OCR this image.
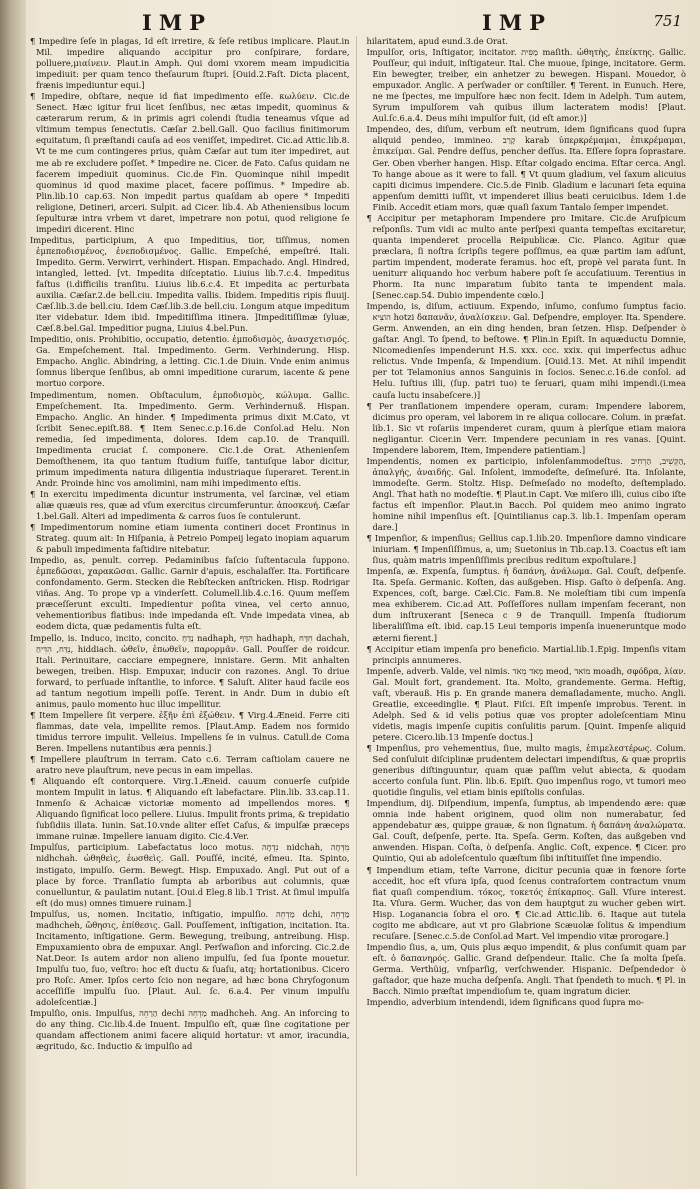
IMP	IMP	751

¶ Impedire ſeſe in plagas, Id eſt irretire, & ſeſe retibus implicare. Plaut.in Mil. impedire aliquando accipitur pro conſpirare, fordare, polluere,μιαίνειν. Plaut.in Amph. Qui domi vxorem meam impudicitia impediuit: per quam tenco theſaurum ſtupri. [Ouid.2.Faſt. Dicta placent, frænis impediuntur equi.]

¶ Impedire, obſtare, neque id fiat impedimento eſſe. κωλύειν. Cic.de Senect. Hæc igitur frui licet ſenſibus, nec ætas impedit, quominus & cæterarum rerum, & in primis agri colendi ſtudia teneamus vſque ad vltimum tempus ſenectutis. Cæſar 2.bell.Gall. Quo facilius finitimorum equitatum, ſi præſtandi cauſa ad eos veniſſet, impediret. Cic.ad Attic.lib.8. Vt te me cum contingeres prius, quàm Cæſar aut tum iter impediret, aut me ab re excludere poſſet. * Impedire ne. Cicer. de Fato. Caſus quidam ne facerem impediuit quominus. Cic.de Fin. Quominque nihil impedit quominus id quod maxime placet, facere poſſimus. * Impedire ab. Plin.lib.10 cap.63. Non impedit partus quaſdam ab opere * Impediti religione, Detineri, arceri. Sulpit. ad Cicer. lib.4. Ab Atheniensibus locum ſepulturæ intra vrbem vt daret, impetrare non potui, quod religione ſe impediri dicerent. Hinc

Impeditus, participium, A quo Impeditius, tior, tiſſimus, nomen ἐμπεποδισμένος, ἐνεποδισμένος. Gallic. Empeſché, empeſtré. Itali. Impedito. Germ. Verwirrt, verhindert. Hispan. Empachado. Angl. Hindred, intangled, letted. [vt. Impedita diſceptatio. Liuius lib.7.c.4. Impeditus faſtus (i.difficilis tranſitu. Liuius lib.6.c.4. Et impedita ac perturbata auxilia. Cæſar.2.de bell.ciu. Impedita vallis. Ibidem. Impeditis ripis fluuij. Cæſ.lib.3.de bell.ciu. Idem Cæſ.lib.3.de bell.ciu. Longum atque impeditum iter videbatur. Idem ibid. Impeditiſſima itinera. ]Impeditiſſimæ ſyluæ, Cæſ.8.bel.Gal. Impeditior pugna, Liuius 4.bel.Pun.

Impeditio, onis. Prohibitio, occupatio, detentio. ἐμποδισμὸς, ἀνασχετισμός. Ga. Empeſchement. Ital. Impedimento. Germ. Verhinderung. Hisp. Empacho. Anglic. Abindring, a letting. Cic.1.de Diuin. Vnde enim animus ſomnus liberque ſenſibus, ab omni impeditione curarum, iacente & pene mortuo corpore.

Impedimentum, nomen. Obſtaculum, ἐμποδισμὸς, κώλυμα. Gallic. Empeſchement. Ita. Impedimento. Germ. Verhindernuß. Hispan. Empacho. Anglic. An hinder. ¶ Impedimenta primus dixit M.Cato, vt ſcribit Senec.epiſt.88. ¶ Item Senec.c.p.16.de Conſol.ad Helu. Non remedia, ſed impedimenta, dolores. Idem cap.10. de Tranquill. Impedimenta cruciat ſ. componere. Cic.1.de Orat. Athenienſem Demoſthenem, ita quo tantum ſtudium fuiſſe, tantuſque labor dicitur, primum impedimenta natura diligentia industriaque ſuperaret. Terent.in Andr. Proinde hinc vos amolimini, nam mihi impedimento eſtis.

¶ In exercitu impedimenta dicuntur instrumenta, vel ſarcinæ, vel etiam aliæ quæuis res, quæ ad vſum exercitus circumferuntur. ἀποσκευή. Cæſar 1.bel.Gall. Alteri ad impedimenta & carros ſuos ſe contulerunt.

¶ Impedimentorum nomine etiam iumenta contineri docet Frontinus in Strateg. quum ait: In Hiſpania, à Petreio Pompeij legato inopiam aquarum & pabuli impedimenta faſtidire nitebatur.

Impedio, as, penult. correp. Pedaminibus faſcio ſuſtentacula ſuppono. ἐμπεδῶσαι, χαρακῶσαι. Gallic. Garnir d'apuis, eschalaſſer. Ita. Fortificare confondamento. Germ. Stecken die Rebſtecken anſtricken. Hisp. Rodrigar viñas. Ang. To prope vp a vinderſett. Columell.lib.4.c.16. Quum meſſem præceſſerunt exculti. Impedientur poſita vinea, vel certo annuo, vehementioribus flatibus: inde impedanda eſt. Vnde impedata vinea, ab eodem dicta, quæ pedamentis fulta eſt.

Impello, is. Induco, incito, concito. נְדַחַ nadhaph, הִדַּף hadhaph, חִדַּח dachah, נִדַּח, הִדִּיחַ, hiddiach. ὠθεῖν, ἐπωθεῖν, παρορμᾶν. Gall. Pouſſer de roidcur. Itali. Perinuitare, cacciare empegnere, innistare. Germ. Mit anhalten bewegen, treiben. Hisp. Empuxar, inducir con razones. Angl. To driue forward, to perſuade inſtantlie, to inforce. ¶ Saluſt. Aliter haud facile eos ad tantum negotium impelli poſſe. Terent. in Andr. Dum in dubio eſt animus, paulo momento huc illuc impellitur.

¶ Item Impellere ſit verpere. ἐξῆν ἐπὶ ἐξώθειν. ¶ Virg.4.Æneid. Ferre citi flammas, date vela, impellite remos. [Plaut.Amp. Eadem nos formido timidus terrore impulit. Velleius. Impellens ſe in vulnus. Catull.de Coma Beren. Impellens nutantibus æra pennis.]

¶ Impellere plauſtrum in terram. Cato c.6. Terram caſtiolam cauere ne aratro neve plauſtrum, neve pecus in eam impellas.

¶ Aliquando eſt contorquere. Virg.1.Æneid. cauum conuerſe cuſpide montem Impulit in latus. ¶ Aliquando eſt labefactare. Plin.lib. 33.cap.11. Inmenſo & Achaicæ victoriæ momento ad impellendos mores. ¶ Aliquando ſignificat loco pellere. Liuius. Impulit fronts prima, & trepidatio ſubſidiis illata. Iunin. Sat.10.vnde aliter eſſet Caſus, & impulſæ præceps immane ruinæ. Impellere ianuam digito. Cic.4.Ver.

Impulſus, participium. Labefactatus loco motus. נִדְחָה nidchah, מִדְּחָה nidhchah. ὠθηθεὶς, ἐωσθεὶς. Gall. Pouſſé, incité, eſmeu. Ita. Spinto, instigato, impulſo. Germ. Bewegt. Hisp. Empuxado. Angl. Put out of a place by force. Tranſlatio ſumpta ab arboribus aut columnis, quæ conuelluntur, & paulatim nutant. [Oui.d Eleg.8 lib.1 Trist. At ſimul impulſa eſt (do mus) omnes timuere ruinam.]

Impulſus, us, nomen. Incitatio, inſtigatio, impulſio. מַדְחֵה dchi, מַדְחֵה madhcheh, ὤθησις, ἐπίθεσις. Gall. Pouſſement, inſtigation, incitation. Ita. Incitamento, inſtigatione. Germ. Bewegung, treibung, antreibung. Hisp. Empuxamiento obra de empuxar. Angl. Perſwaſion and inforcing. Cic.2.de Nat.Deor. Is autem ardor non alieno impulſu, ſed ſua ſponte mouetur. Impulſu tuo, ſuo, veſtro: hoc eſt ductu & ſuaſu, atq; hortationibus. Cicero pro Roſc. Amer. Ipſos certo ſcio non negare, ad hæc bona Chryſogonum acceſſiſſe impulſu ſuo. [Plaut. Aul. ſc. 6.a.4. Per vinum impulſu adoleſcentiæ.]

Impulſio, onis. Impulſus, הַרַחֵה dechi מַדְחֵה madhcheh. Ang. An inforcing to do any thing. Cic.lib.4.de Inuent. Impulſio eſt, quæ ſine cogitatione per quandam affectionem animi facere aliquid hortatur: vt amor, iracundia, ægritudo, &c. Inductio & impulſio ad

hilaritatem, apud eund.3.de Orat.

Impulſor, oris, Inſtigator, incitator. מַסִּית maſith. ὠθητὴς, ἐπείκτης. Gallic. Pouſſeur, qui induit, inſtigateur. Ital. Che muoue, ſpinge, incitatore. Germ. Ein bewegter, treiber, ein anhetzer zu bewegen. Hispani. Mouedor, ò empuxador. Anglic. A perſwader or conſtiller. ¶ Terent. in Eunuch. Here, ne me ſpectes, me impulſore hæc non fecit. Idem in Adelph. Tum autem, Syrum impulſorem vah quibus illum lacteratem modis! [Plaut. Aul.ſc.6.a.4. Deus mihi impulſor fuit, (id eſt amor.)]

Impendeo, des, diſum, verbum eſt neutrum, idem ſignificans quod ſupra aliquid pendeo, immineo. קָרַב karab ὑπερκρέμαμαι, ἐπικρέμαμαι, ἐπικείμαι. Gal. Pendre deſſus, pencher deſſus. Ita. Eſſere ſopra ſoprastare. Ger. Oben vberher hangen. Hisp. Eſtar colgado encima. Eſtar cerca. Angl. To hange aboue as it were to fall. ¶ Vt quum gladium, vel ſaxum alicuius capiti dicimus impendere. Cic.5.de Finib. Gladium e lacunari ſeta equina appenſum demitti iuſſit, vt impenderet illius beati ceruicibus. Idem 1.de Finib. Accedit etiam mors, quæ quaſi ſaxum Tantalo ſemper impendet.

¶ Accipitur per metaphoram Impendere pro Imitare. Cic.de Aruſpicum reſponſis. Tum vidi ac multo ante perſpexi quanta tempeſtas excitaretur, quanta impenderet procella Reipublicæ. Cic. Planco. Agitur quæ præclara, ſi noſtra ſcripſis tegere poſſimus, ea quæ partim iam adſunt, partim impendent, moderate feramus. hoc eſt, propè vel parata ſunt. In ueniturr aliquando hoc verbum habere poſt ſe accuſatiuum. Terentius in Phorm. Ita nunc imparatum ſubito tanta te impendent mala. [Senec.cap.54. Dubio impendente cœlo.]

Impendo, is, diſum, actiuum. Expendo, inſumo, conſumo ſumptus facio. הוֹצִיא hotzi δαπανᾶν, ἀναλίσκειν. Gal. Deſpendre, employer. Ita. Spendere. Germ. Anwenden, an ein ding henden, bran ſetzen. Hisp. Deſpender ò gaſtar. Angl. To ſpend, to beſtowe. ¶ Plin.in Epiſt. In aquæductu Domnie, Nicomedienſes impenderunt H.S. xxx. ccc. xxix. qui imperfectus adhuc relictus. Vnde Impenſa, & Impendium. [Ouid.13. Met. At nihil impendit per tot Telamonius annos Sanguinis in ſocios. Senec.c.16.de conſol. ad Helu. Iuſtius illi, (ſup. patri tuo) te ſeruari, quam mihi impendi.(i.mea cauſa luctu insabeſcere.)]

¶ Per tranſlationem impendere operam, curam: Impendere laborem, dicimus pro operam, vel laborem in re aliqua collocare. Colum. in præfat. lib.1. Sic vt roſariis impenderet curam, quum à plerſque etiam maiora negligantur. Cicer.in Verr. Impendere pecuniam in res vanas. [Quint. Impendere laborem, Item, Impendere patientiam.]

Impendentis, nomen ex participio, infolenſammodeſtus. הַקְשִׁיב, הַרְחִיב, ἀπαλγής, ἀναιδής. Gal. Inſolent, immodeſte, deſmeſuré. Ita. Inſolante, immodeſte. Germ. Stoltz. Hisp. Deſmeſado no modeſto, deſtemplado. Angl. That hath no modeſtie. ¶ Plaut.in Capt. Vœ miſero illi, cuius cibo iſte factus eſt impenſior. Plaut.in Bacch. Pol quidem meo animo ingrato homine nihil impenſius eſt. [Quintilianus cap.3. lib.1. Impenſam operam dare.]

¶ Impenſior, & impenſius; Gellius cap.1.lib.20. Impenſiore damno vindicare iniuriam. ¶ Impenſiſſimus, a, um; Suetonius in Tib.cap.13. Coactus eſt iam ſius, quàm matris impenſiſſimis precibus reditum expoſtulare.]

Impenſa, æ. Expenſa, ſumptus. ἡ δαπάνη, ἀνάλωμα. Gal. Couſt, deſpenſe. Ita. Speſa. Germanic. Koſten, das außgeben. Hisp. Gaſto ò deſpenſa. Ang. Expences, coſt, barge. Cæl.Cic. Fam.8. Ne moleſtiam tibi cum impenſa mea exhiberem. Cic.ad Att. Poſſeſſores nullam impenſam fecerant, non dum inſtruxerant [Seneca c 9 de Tranquill. Impenſa ſtudiorum liberaliſſima eſt. ibid. cap.15 Leui temporis impenſa inueneruntque modo æterni fierent.]

¶ Accipitur etiam impenſa pro beneficio. Martial.lib.1.Epig. Impenſis vitam principis annumeres.

Impenſe, adverb. Valde, vel nimis. מְאֹד מְאֹד meod, מוֹאד moadh, σφόδρα, λίαν. Gal. Moult fort, grandement. Ita. Molto, grandemente. Germa. Heftig, vaſt, vberauß. His p. En grande manera demaſiadamente, mucho. Angli. Greatlie, exceedinglie. ¶ Plaut. Fiſci. Eſt impenſe improbus. Terent. in Adelph. Sed & id velis potius quæ vos propter adoleſcentiam Minu videtis, magis impenſe cupitis conſulitis parum. [Quint. Impenſe aliquid petere. Cicero.lib.13 Impenſe doctus.]

¶ Impenſius, pro vehementius, ſiue, multo magis, ἐπιμελεστέρως. Colum. Sed conſuluit diſciplinæ prudentem delectari impendiſtus, & quæ propriis generibus diſtinguuntur, quam quæ paſſim velut abiecta, & quodam accerto conſula ſunt. Plin. lib.6. Epiſt. Quo impenſius rogo, vt tumori meo quotidie ſingulis, vel etiam binis epiſtolis conſulas.

Impendium, dij. Diſpendium, impenſa, ſumptus, ab impendendo ære: quæ omnia inde habent originem, quod olim non numerabatur, ſed appendebatur æs, quippe grauæ, & non ſignatum. ἡ δαπάνη ἀναλώματα. Gal. Couſt, deſpenſe, perte. Ita. Speſa. Germ. Koſten, das außgeben vnd anwenden. Hispan. Coſta, ò deſpenſa. Anglic. Coſt, expence. ¶ Cicer. pro Quintio, Qui ab adoleſcentulo quæſtum ſibi inſtituiſſet ſine impendio.

¶ Impendium etiam, teſte Varrone, dicitur pecunia quæ in fœnore ſorte accedit, hoc eſt vſura ipſa, quod ſcenus contraſortem contractum vnum fiat quaſi compendium. τόκος, τοκετός ἐπίκαρπος. Gall. Vſure interest. Ita. Vſura. Germ. Wucher, das von dem hauptgut zu wucher geben wirt. Hisp. Loganancia ſobra el oro. ¶ Cic.ad Attic.lib. 6. Itaque aut tutela cogito me abdicare, aut vt pro Glabrione Scæuolæ ſolitus & impendium recuſare. [Senec.c.5.de Conſol.ad Mart. Vel impendio vitæ prorogare.]

Impendio ſius, a, um, Quis plus æquo impendit, & plus conſumit quam par eſt. ὁ δαπανηρός. Gallic. Grand deſpendeur. Italic. Che ſa molta ſpeſa. Germa. Verthüig, vnſparſig, verſchwender. Hispanic. Deſpendedor ò gaſtador, que haze mucha deſpenſa. Angli. That ſpendeth to much. ¶ Pl. in Bacch. Nimio præſtat impendioſum te, quam ingratum dicier.

Impendio, adverbium intendendi, idem ſignificans quod ſupra mo-
